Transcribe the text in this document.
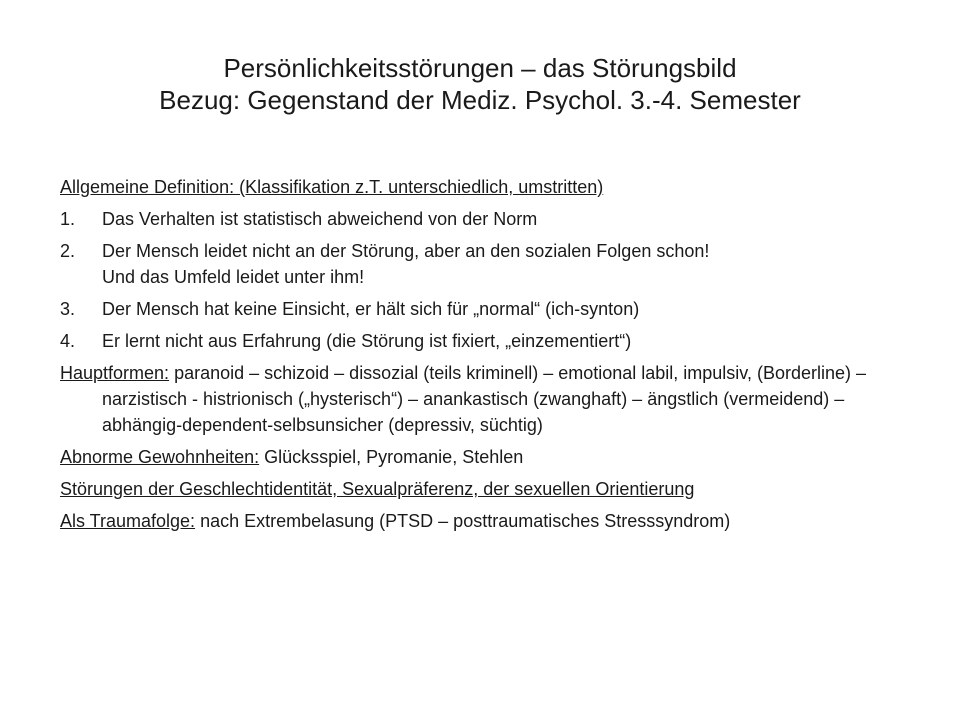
Persönlichkeitsstörungen – das Störungsbild
Bezug: Gegenstand der Mediz. Psychol. 3.-4. Semester
Allgemeine Definition: (Klassifikation z.T. unterschiedlich, umstritten)
1.	Das Verhalten ist statistisch abweichend von der Norm
2.	Der Mensch leidet nicht an der Störung, aber an den sozialen Folgen schon!
Und das Umfeld leidet unter ihm!
3.	Der Mensch hat keine Einsicht, er hält sich für „normal“ (ich-synton)
4.	Er lernt nicht aus Erfahrung (die Störung ist fixiert, „einzementiert“)
Hauptformen: paranoid – schizoid – dissozial (teils kriminell) – emotional labil, impulsiv, (Borderline) – narzistisch - histrionisch („hysterisch“) – anankastisch (zwanghaft) – ängstlich (vermeidend) – abhängig-dependent-selbsunsicher (depressiv, süchtig)
Abnorme Gewohnheiten: Glücksspiel, Pyromanie, Stehlen
Störungen der Geschlechtidentität, Sexualpräferenz, der sexuellen Orientierung
Als Traumafolge: nach Extrembelasung (PTSD – posttraumatisches Stresssyndrom)
